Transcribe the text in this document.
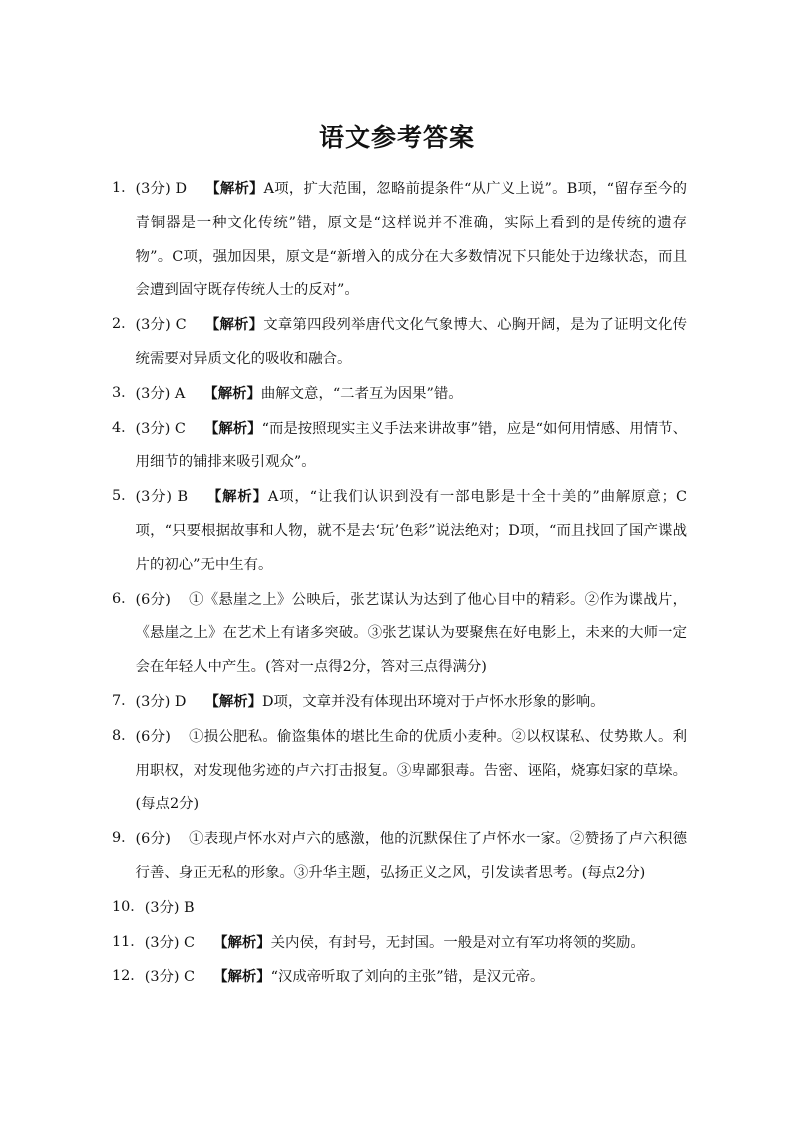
语文参考答案
1． (3分) D 【解析】A项，扩大范围，忽略前提条件“从广义上说”。B项，“留存至今的青铜器是一种文化传统”错，原文是“这样说并不准确，实际上看到的是传统的遗存物”。C项，强加因果，原文是“新增入的成分在大多数情况下只能处于边缘状态，而且会遭到固守既存传统人士的反对”。
2． (3分) C 【解析】文章第四段列举唐代文化气象博大、心胸开阔，是为了证明文化传统需要对异质文化的吸收和融合。
3． (3分) A 【解析】曲解文意，“二者互为因果”错。
4． (3分) C 【解析】“而是按照现实主义手法来讲故事”错，应是“如何用情感、用情节、用细节的铺排来吸引观众”。
5． (3分) B 【解析】A项，“让我们认识到没有一部电影是十全十美的”曲解原意；C项，“只要根据故事和人物，就不是去‘玩’色彩”说法绝对；D项，“而且找回了国产谍战片的初心”无中生有。
6． (6分) ①《悬崖之上》公映后，张艺谋认为达到了他心目中的精彩。②作为谍战片，《悬崖之上》在艺术上有诸多突破。③张艺谋认为要聚焦在好电影上，未来的大师一定会在年轻人中产生。(答对一点得2分，答对三点得满分)
7． (3分) D 【解析】D项，文章并没有体现出环境对于卢怀水形象的影响。
8． (6分) ①损公肥私。偷盗集体的堪比生命的优质小麦种。②以权谋私、仗势欺人。利用职权，对发现他劣迹的卢六打击报复。③卑鄙狠毒。告密、诬陷，烧寡妇家的草垛。(每点2分)
9． (6分) ①表现卢怀水对卢六的感激，他的沉默保住了卢怀水一家。②赞扬了卢六积德行善、身正无私的形象。③升华主题，弘扬正义之风，引发读者思考。(每点2分)
10． (3分) B
11． (3分) C 【解析】关内侯，有封号，无封国。一般是对立有军功将领的奖励。
12． (3分) C 【解析】“汉成帝听取了刘向的主张”错，是汉元帝。
